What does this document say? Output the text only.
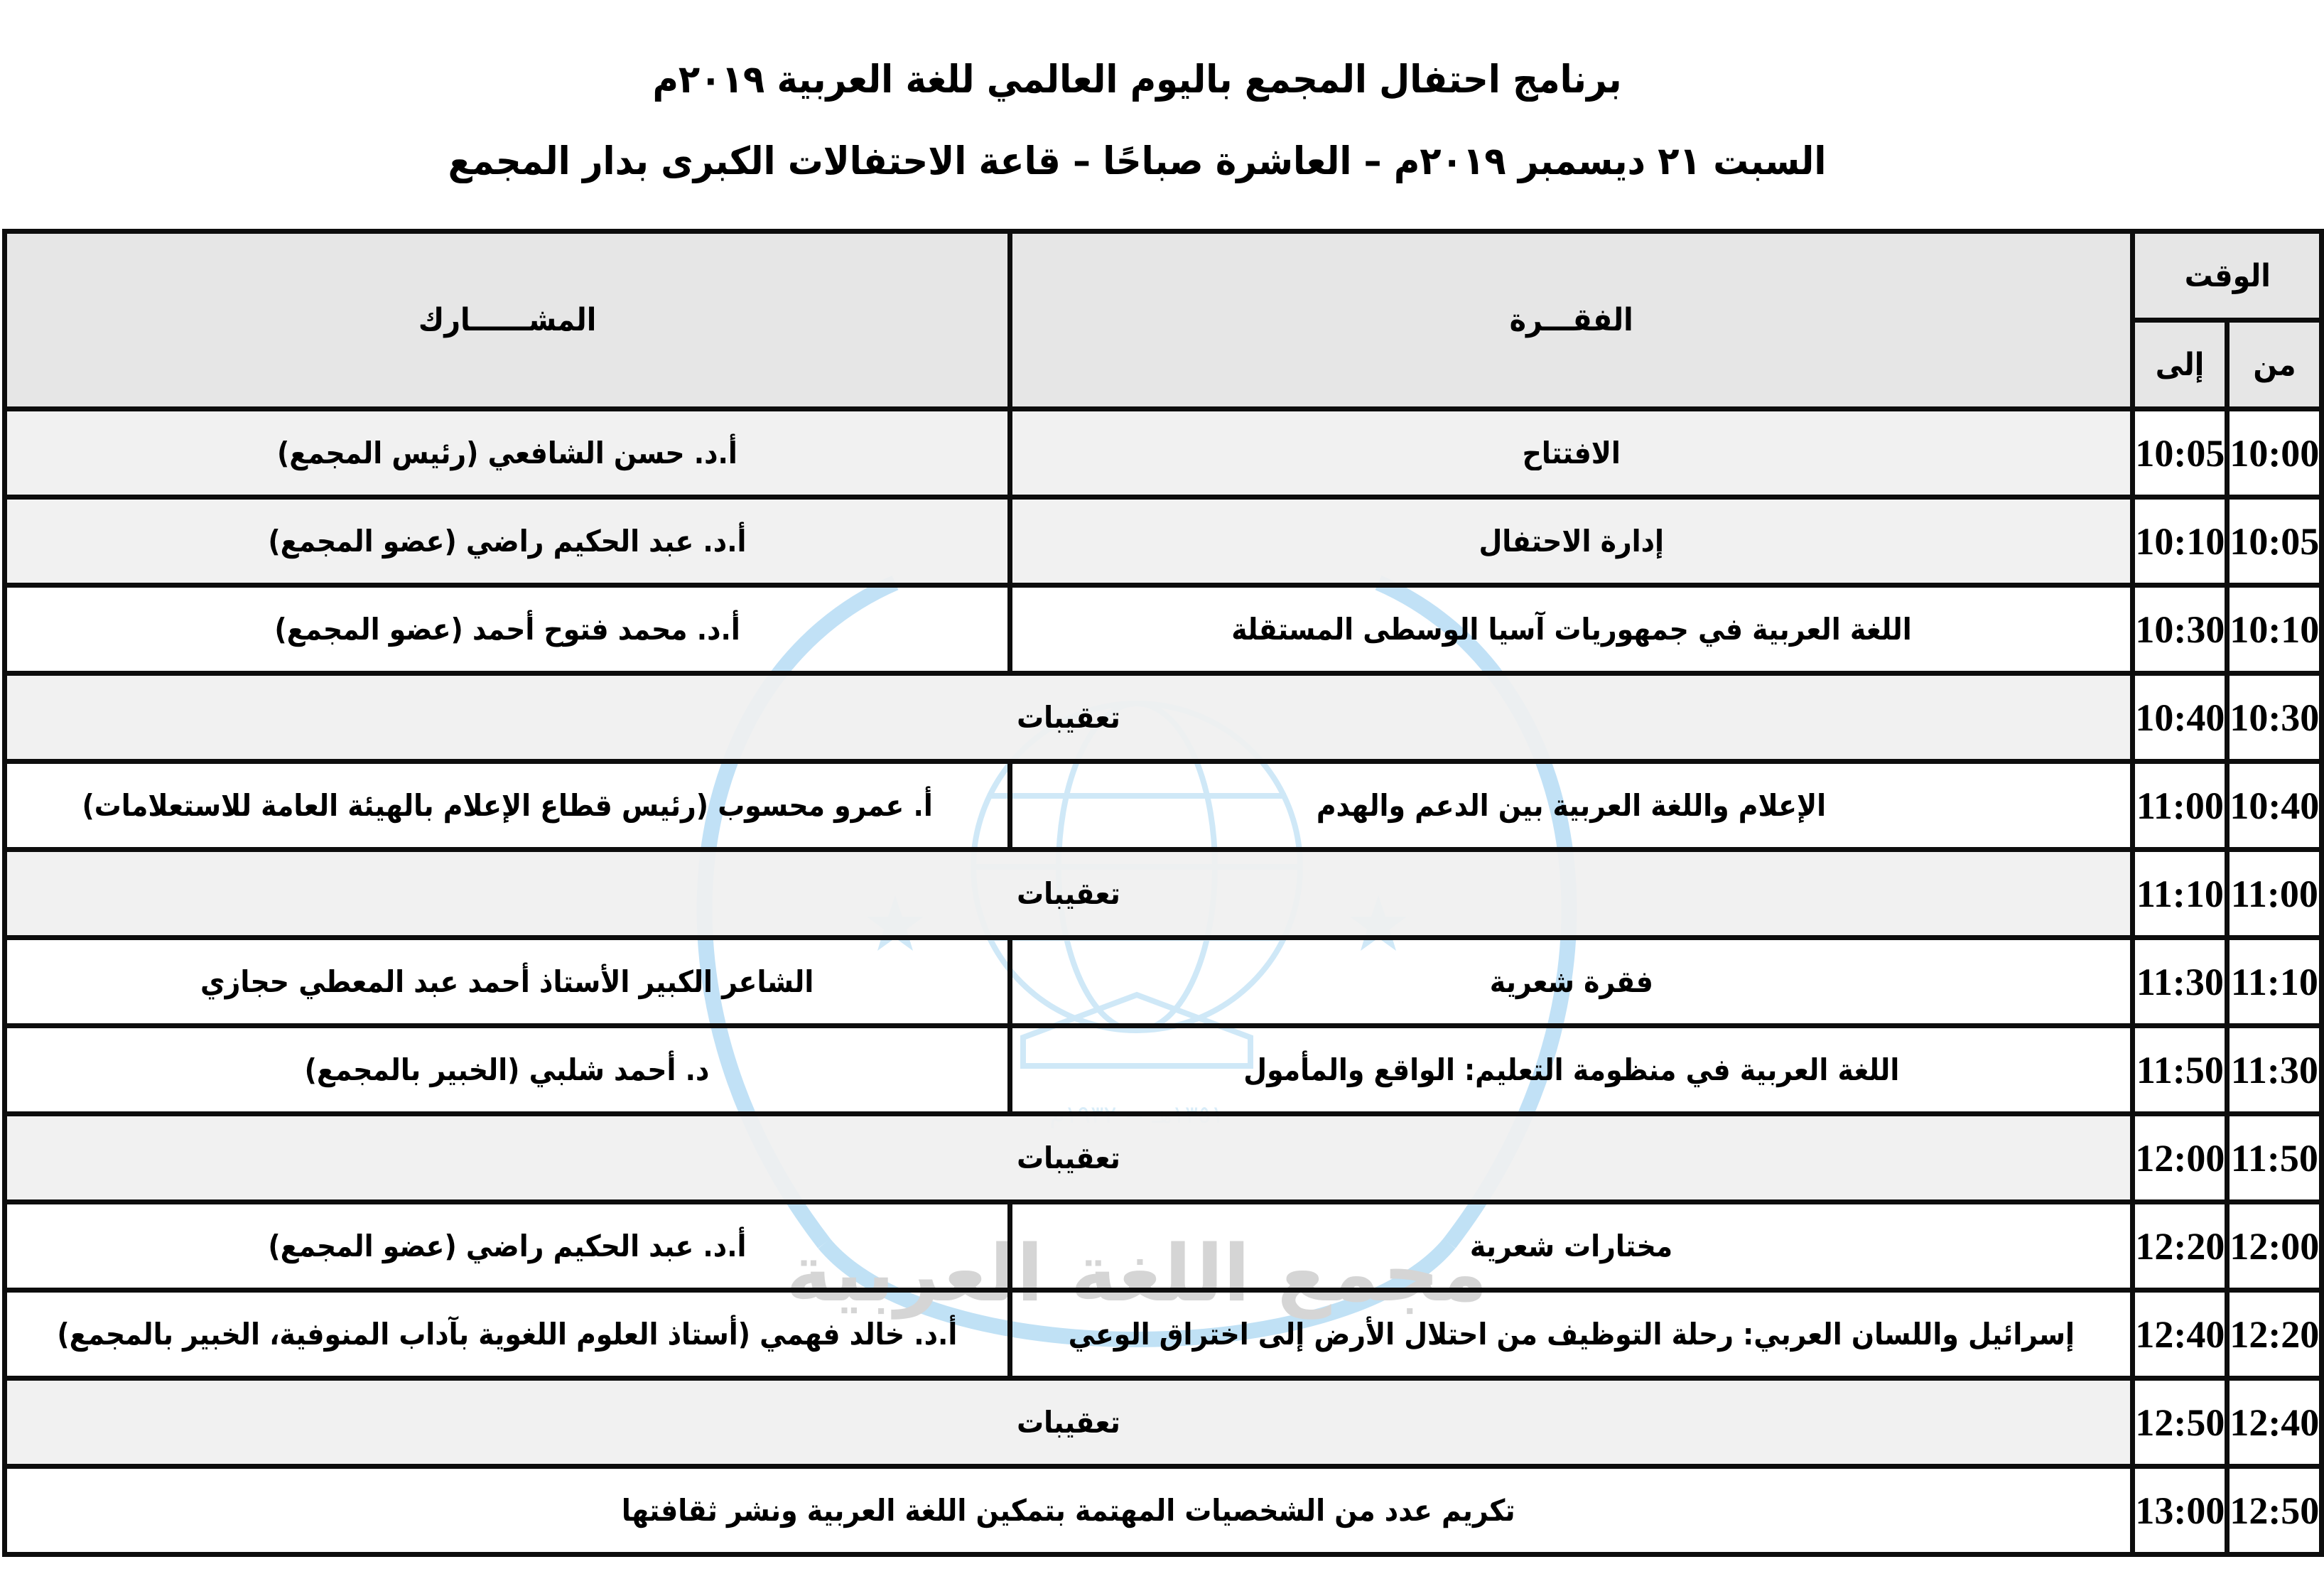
برنامج احتفال المجمع باليوم العالمي للغة العربية ٢٠١٩م
السبت ٢١ ديسمبر ٢٠١٩م – العاشرة صباحًا – قاعة الاحتفالات الكبرى بدار المجمع
مجمع اللغة العربية
الوقت		الفقـــرة	المشــــــارك
من	إلى		
10:00	10:05	الافتتاح	أ.د. حسن الشافعي (رئيس المجمع)
10:05	10:10	إدارة الاحتفال	أ.د. عبد الحكيم راضي (عضو المجمع)
10:10	10:30	اللغة العربية في جمهوريات آسيا الوسطى المستقلة	أ.د. محمد فتوح أحمد (عضو المجمع)
10:30	10:40	تعقيبات	
10:40	11:00	الإعلام واللغة العربية بين الدعم والهدم	أ. عمرو محسوب (رئيس قطاع الإعلام بالهيئة العامة للاستعلامات)
11:00	11:10	تعقيبات	
11:10	11:30	فقرة شعرية	الشاعر الكبير الأستاذ أحمد عبد المعطي حجازي
11:30	11:50	اللغة العربية في منظومة التعليم: الواقع والمأمول	د. أحمد شلبي (الخبير بالمجمع)
11:50	12:00	تعقيبات	
12:00	12:20	مختارات شعرية	أ.د. عبد الحكيم راضي (عضو المجمع)
12:20	12:40	إسرائيل واللسان العربي: رحلة التوظيف من احتلال الأرض إلى اختراق الوعي	أ.د. خالد فهمي (أستاذ العلوم اللغوية بآداب المنوفية، الخبير بالمجمع)
12:40	12:50	تعقيبات	
12:50	13:00	تكريم عدد من الشخصيات المهتمة بتمكين اللغة العربية ونشر ثقافتها	
